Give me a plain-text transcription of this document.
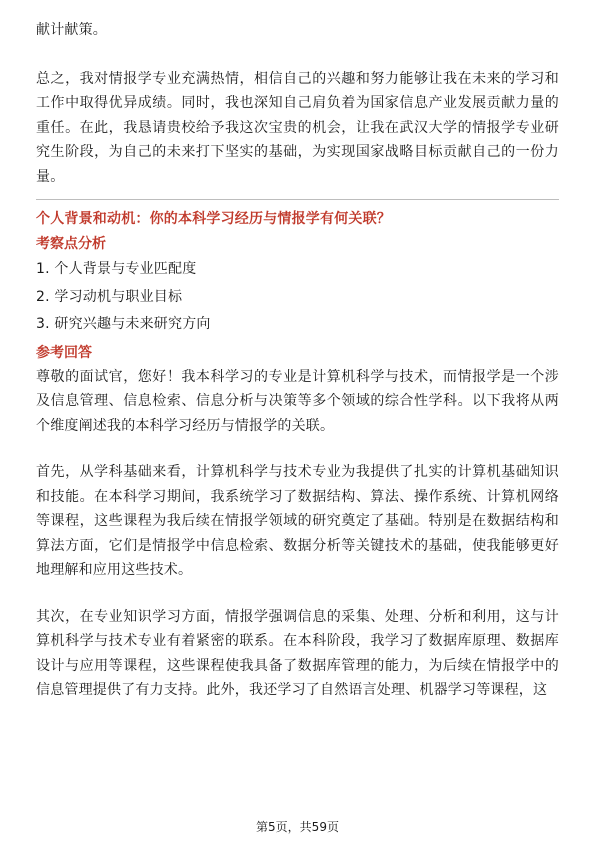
献计献策。

总之，我对情报学专业充满热情，相信自己的兴趣和努力能够让我在未来的学习和工作中取得优异成绩。同时，我也深知自己肩负着为国家信息产业发展贡献力量的重任。在此，我恳请贵校给予我这次宝贵的机会，让我在武汉大学的情报学专业研究生阶段，为自己的未来打下坚实的基础，为实现国家战略目标贡献自己的一份力量。

个人背景和动机：你的本科学习经历与情报学有何关联？

考察点分析
1. 个人背景与专业匹配度
2. 学习动机与职业目标
3. 研究兴趣与未来研究方向
参考回答

尊敬的面试官，您好！我本科学习的专业是计算机科学与技术，而情报学是一个涉及信息管理、信息检索、信息分析与决策等多个领域的综合性学科。以下我将从两个维度阐述我的本科学习经历与情报学的关联。

首先，从学科基础来看，计算机科学与技术专业为我提供了扎实的计算机基础知识和技能。在本科学习期间，我系统学习了数据结构、算法、操作系统、计算机网络等课程，这些课程为我后续在情报学领域的研究奠定了基础。特别是在数据结构和算法方面，它们是情报学中信息检索、数据分析等关键技术的基础，使我能够更好地理解和应用这些技术。

其次，在专业知识学习方面，情报学强调信息的采集、处理、分析和利用，这与计算机科学与技术专业有着紧密的联系。在本科阶段，我学习了数据库原理、数据库设计与应用等课程，这些课程使我具备了数据库管理的能力，为后续在情报学中的信息管理提供了有力支持。此外，我还学习了自然语言处理、机器学习等课程，这

第5页，共59页
